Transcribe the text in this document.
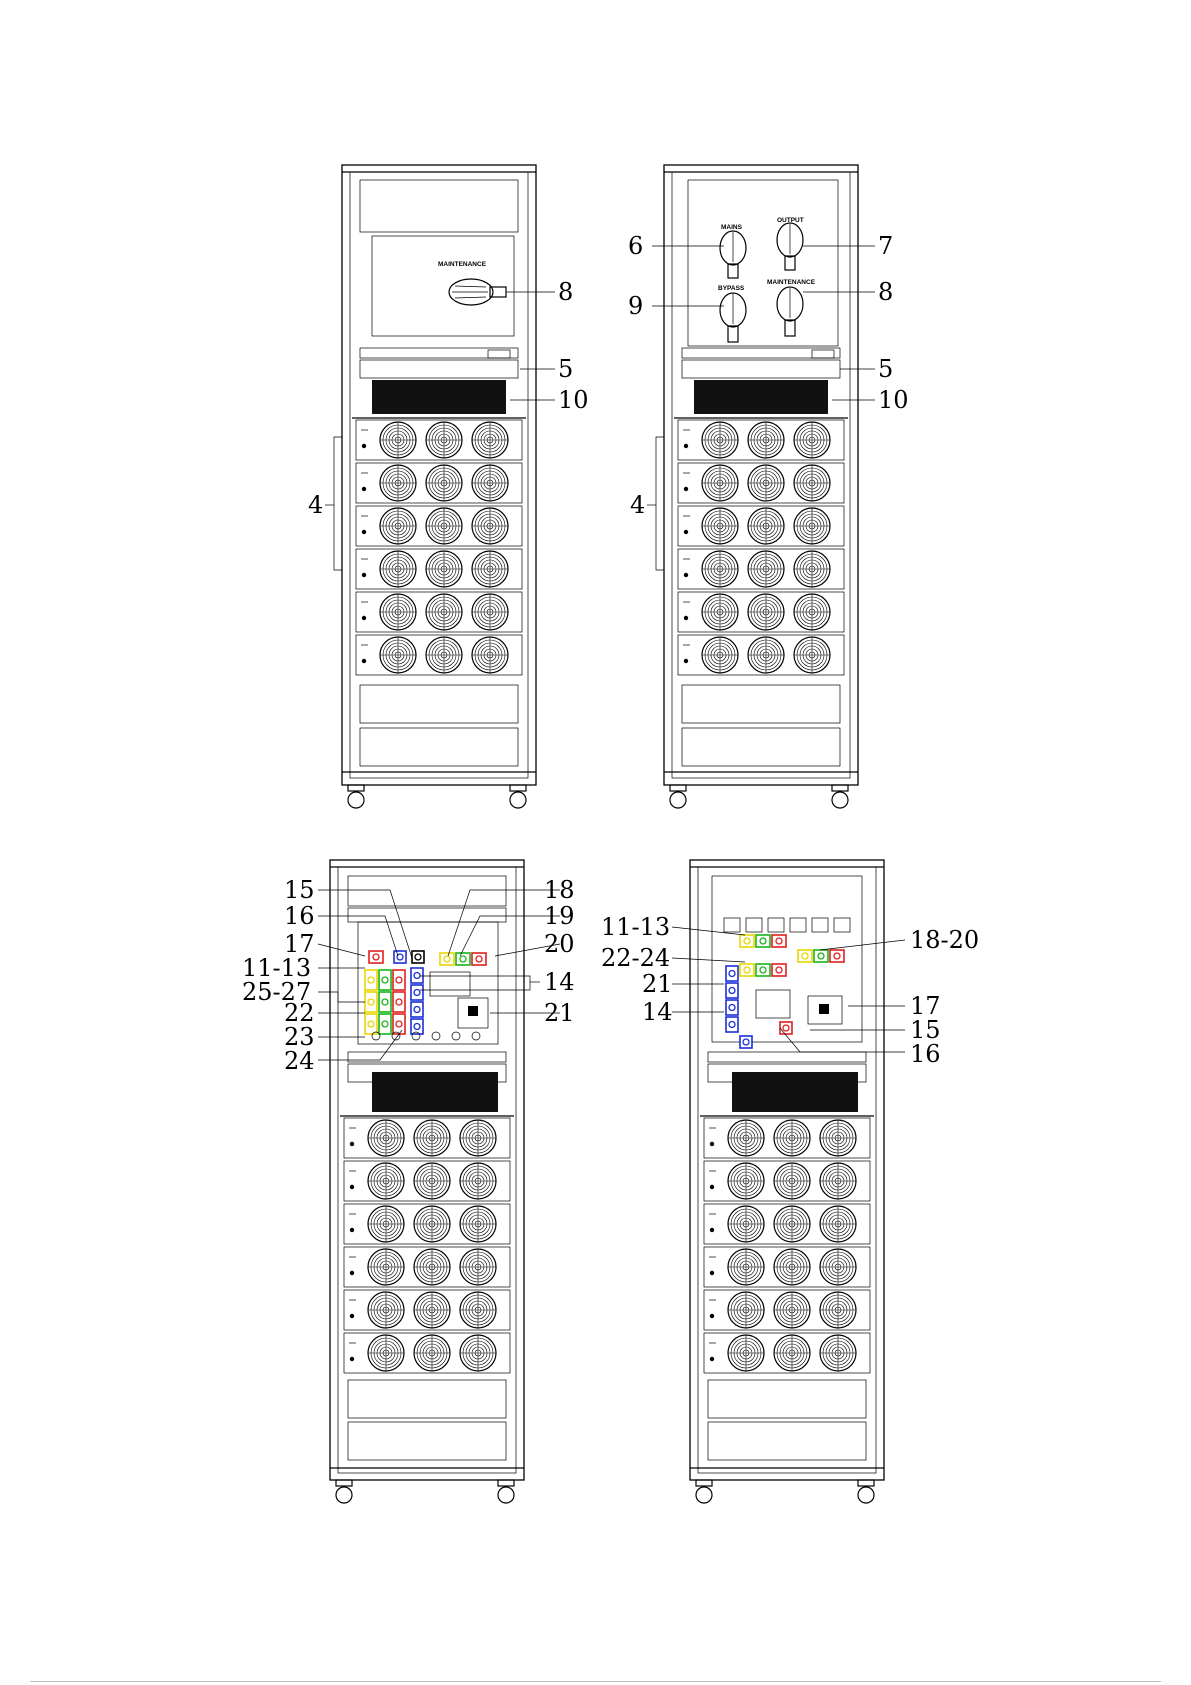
MAINTENANCE
8
5
10
4
MAINS
OUTPUT
BYPASS
MAINTENANCE
6	7
9	8
5
10
4
15
16
17
11-13
25-27
22
23
24
18
19
20
14
21
11-13
22-24
21
14
18-20
17
15
16
